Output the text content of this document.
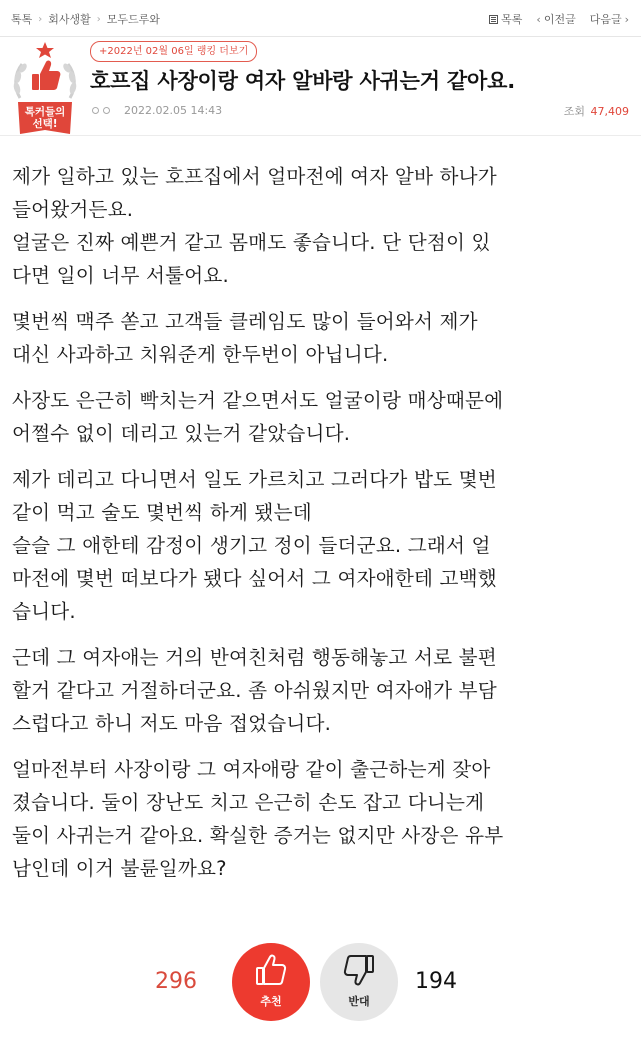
톡톡 › 회사생활 › 모두드루와	목록 ‹ 이전글 다음글 ›
톡커들의
선택!
+2022년 02월 06일 랭킹 더보기
호프집 사장이랑 여자 알바랑 사귀는거 같아요.
2022.02.05 14:43	조회 47,409

제가 일하고 있는 호프집에서 얼마전에 여자 알바 하나가
들어왔거든요.
얼굴은 진짜 예쁜거 같고 몸매도 좋습니다. 단 단점이 있
다면 일이 너무 서툴어요.

몇번씩 맥주 쏟고 고객들 클레임도 많이 들어와서 제가
대신 사과하고 치워준게 한두번이 아닙니다.

사장도 은근히 빡치는거 같으면서도 얼굴이랑 매상때문에
어쩔수 없이 데리고 있는거 같았습니다.

제가 데리고 다니면서 일도 가르치고 그러다가 밥도 몇번
같이 먹고 술도 몇번씩 하게 됐는데
슬슬 그 애한테 감정이 생기고 정이 들더군요. 그래서 얼
마전에 몇번 떠보다가 됐다 싶어서 그 여자애한테 고백했
습니다.

근데 그 여자애는 거의 반여친처럼 행동해놓고 서로 불편
할거 같다고 거절하더군요. 좀 아쉬웠지만 여자애가 부담
스럽다고 하니 저도 마음 접었습니다.

얼마전부터 사장이랑 그 여자애랑 같이 출근하는게 잦아
졌습니다. 둘이 장난도 치고 은근히 손도 잡고 다니는게
둘이 사귀는거 같아요. 확실한 증거는 없지만 사장은 유부
남인데 이거 불륜일까요?

296
추천	반대
194
